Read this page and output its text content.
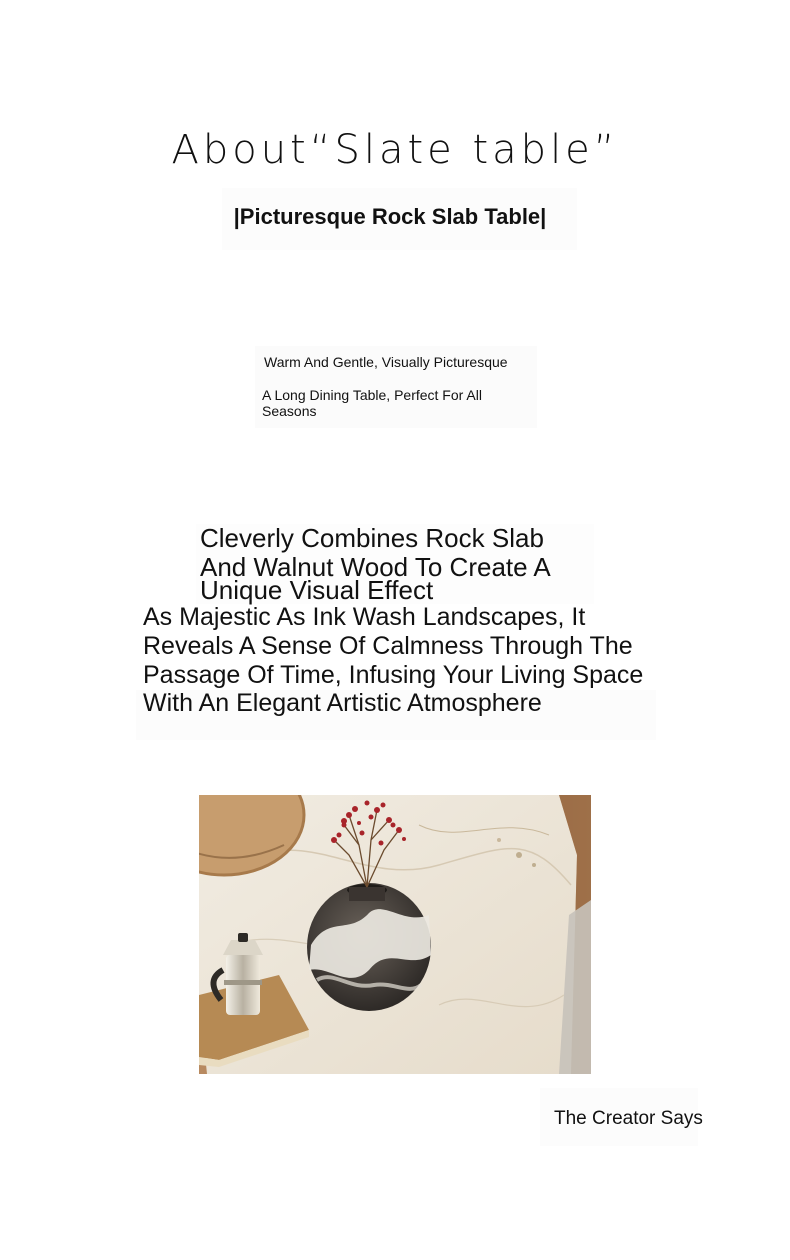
About“Slate table”
|Picturesque Rock Slab Table|
Warm And Gentle, Visually Picturesque
A Long Dining Table, Perfect For All Seasons
Cleverly Combines Rock Slab
And Walnut Wood To Create A
Unique Visual Effect
As Majestic As Ink Wash Landscapes, It Reveals A Sense Of Calmness Through The Passage Of Time, Infusing Your Living Space With An Elegant Artistic Atmosphere
The Creator Says
